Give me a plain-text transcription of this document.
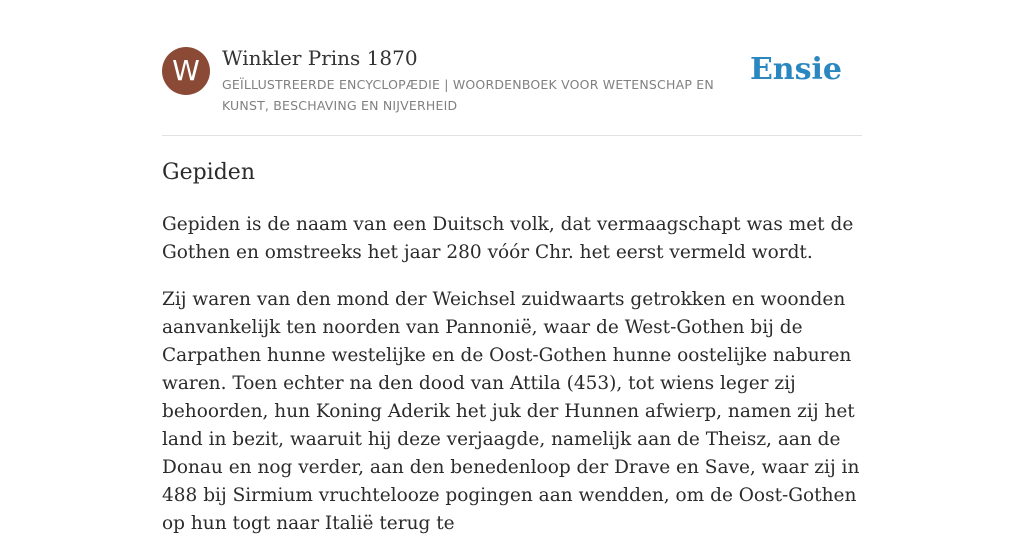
W	Winkler Prins 1870
GEÏLLUSTREERDE ENCYCLOPÆDIE | WOORDENBOEK VOOR WETENSCHAP EN KUNST, BESCHAVING EN NIJVERHEID
Ensie
Gepiden

Gepiden is de naam van een Duitsch volk, dat vermaagschapt was met de Gothen en omstreeks het jaar 280 vóór Chr. het eerst vermeld wordt.

Zij waren van den mond der Weichsel zuidwaarts getrokken en woonden aanvankelijk ten noorden van Pannonië, waar de West-Gothen bij de Carpathen hunne westelijke en de Oost-Gothen hunne oostelijke naburen waren. Toen echter na den dood van Attila (453), tot wiens leger zij behoorden, hun Koning Aderik het juk der Hunnen afwierp, namen zij het land in bezit, waaruit hij deze verjaagde, namelijk aan de Theisz, aan de Donau en nog verder, aan den benedenloop der Drave en Save, waar zij in 488 bij Sirmium vruchtelooze pogingen aan wendden, om de Oost-Gothen op hun togt naar Italië terug te
